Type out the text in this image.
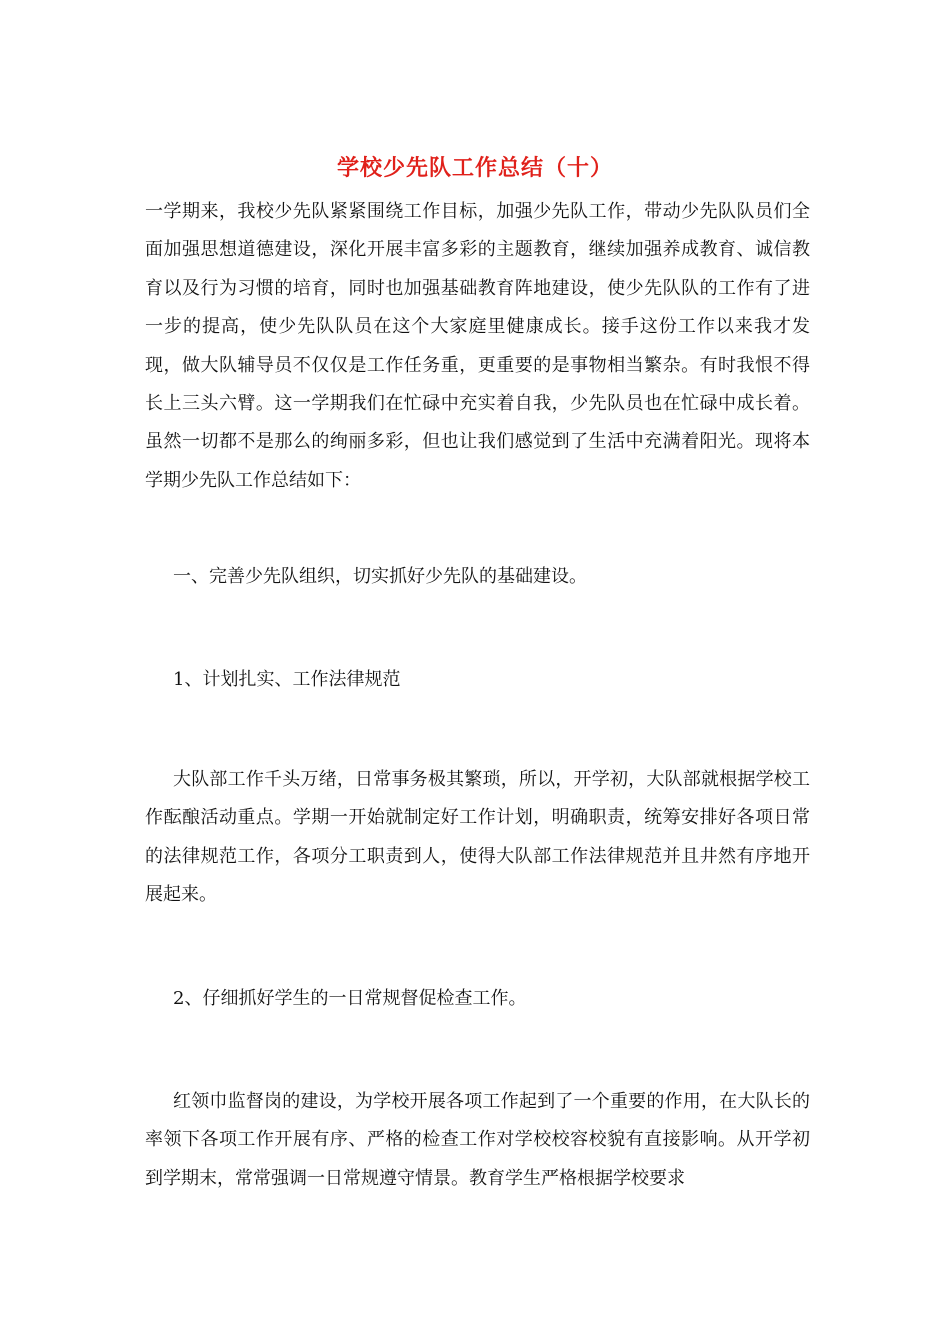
学校少先队工作总结（十）

一学期来，我校少先队紧紧围绕工作目标，加强少先队工作，带动少先队队员们全面加强思想道德建设，深化开展丰富多彩的主题教育，继续加强养成教育、诚信教育以及行为习惯的培育，同时也加强基础教育阵地建设，使少先队队的工作有了进一步的提高，使少先队队员在这个大家庭里健康成长。接手这份工作以来我才发现，做大队辅导员不仅仅是工作任务重，更重要的是事物相当繁杂。有时我恨不得长上三头六臂。这一学期我们在忙碌中充实着自我，少先队员也在忙碌中成长着。虽然一切都不是那么的绚丽多彩，但也让我们感觉到了生活中充满着阳光。现将本学期少先队工作总结如下：

一、完善少先队组织，切实抓好少先队的基础建设。

1、计划扎实、工作法律规范

大队部工作千头万绪，日常事务极其繁琐，所以，开学初，大队部就根据学校工作酝酿活动重点。学期一开始就制定好工作计划，明确职责，统筹安排好各项日常的法律规范工作，各项分工职责到人，使得大队部工作法律规范并且井然有序地开展起来。

2、仔细抓好学生的一日常规督促检查工作。

红领巾监督岗的建设，为学校开展各项工作起到了一个重要的作用，在大队长的率领下各项工作开展有序、严格的检查工作对学校校容校貌有直接影响。从开学初到学期末，常常强调一日常规遵守情景。教育学生严格根据学校要求
